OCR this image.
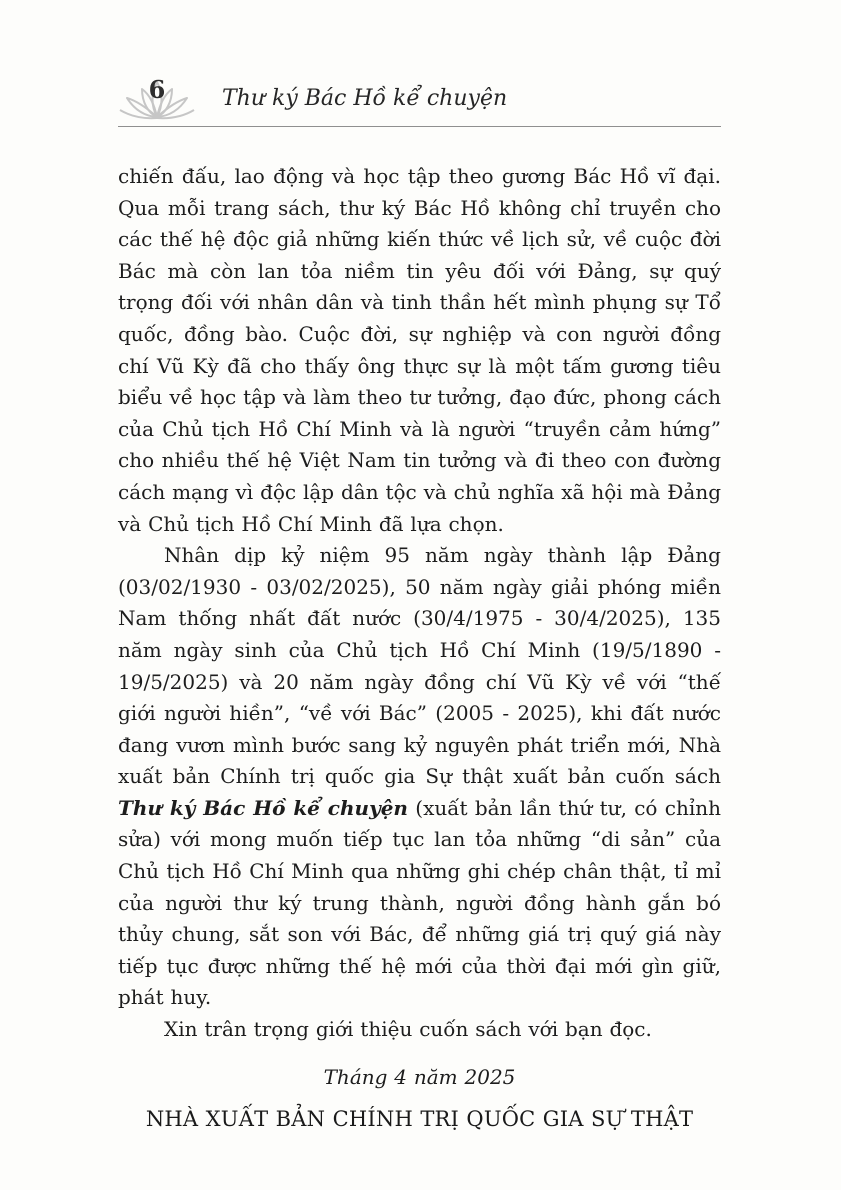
6	Thư ký Bác Hồ kể chuyện

chiến đấu, lao động và học tập theo gương Bác Hồ vĩ đại. Qua mỗi trang sách, thư ký Bác Hồ không chỉ truyền cho các thế hệ độc giả những kiến thức về lịch sử, về cuộc đời Bác mà còn lan tỏa niềm tin yêu đối với Đảng, sự quý trọng đối với nhân dân và tinh thần hết mình phụng sự Tổ quốc, đồng bào. Cuộc đời, sự nghiệp và con người đồng chí Vũ Kỳ đã cho thấy ông thực sự là một tấm gương tiêu biểu về học tập và làm theo tư tưởng, đạo đức, phong cách của Chủ tịch Hồ Chí Minh và là người “truyền cảm hứng” cho nhiều thế hệ Việt Nam tin tưởng và đi theo con đường cách mạng vì độc lập dân tộc và chủ nghĩa xã hội mà Đảng và Chủ tịch Hồ Chí Minh đã lựa chọn.

Nhân dịp kỷ niệm 95 năm ngày thành lập Đảng (03/02/1930 - 03/02/2025), 50 năm ngày giải phóng miền Nam thống nhất đất nước (30/4/1975 - 30/4/2025), 135 năm ngày sinh của Chủ tịch Hồ Chí Minh (19/5/1890 - 19/5/2025) và 20 năm ngày đồng chí Vũ Kỳ về với “thế giới người hiền”, “về với Bác” (2005 - 2025), khi đất nước đang vươn mình bước sang kỷ nguyên phát triển mới, Nhà xuất bản Chính trị quốc gia Sự thật xuất bản cuốn sách Thư ký Bác Hồ kể chuyện (xuất bản lần thứ tư, có chỉnh sửa) với mong muốn tiếp tục lan tỏa những “di sản” của Chủ tịch Hồ Chí Minh qua những ghi chép chân thật, tỉ mỉ của người thư ký trung thành, người đồng hành gắn bó thủy chung, sắt son với Bác, để những giá trị quý giá này tiếp tục được những thế hệ mới của thời đại mới gìn giữ, phát huy.

Xin trân trọng giới thiệu cuốn sách với bạn đọc.

Tháng 4 năm 2025

NHÀ XUẤT BẢN CHÍNH TRỊ QUỐC GIA SỰ THẬT
